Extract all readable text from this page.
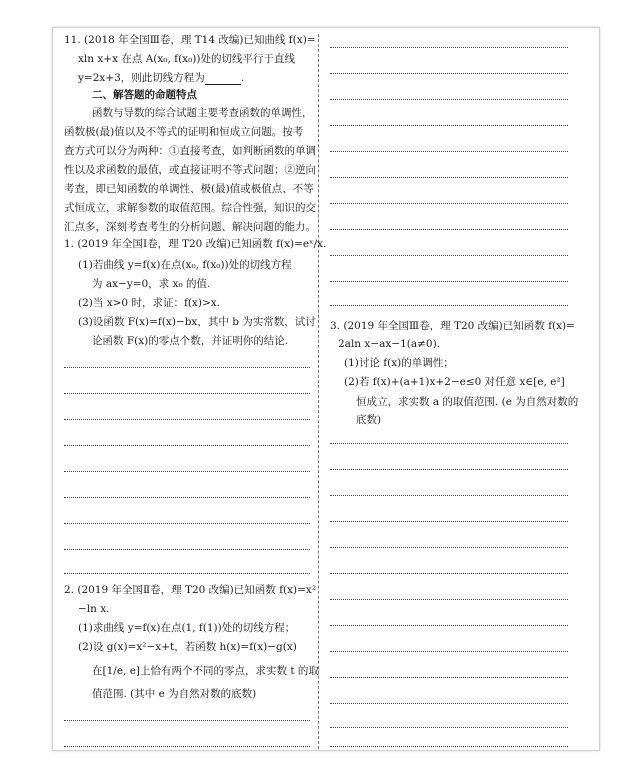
11. (2018 年全国Ⅲ卷，理 T14 改编)已知曲线 f(x)=
xln x+x 在点 A(x₀, f(x₀))处的切线平行于直线
y=2x+3，则此切线方程为	.
二、解答题的命题特点
函数与导数的综合试题主要考查函数的单调性，
函数极(最)值以及不等式的证明和恒成立问题。按考
查方式可以分为两种：①直接考查，如判断函数的单调
性以及求函数的最值，或直接证明不等式问题；②逆向
考查，即已知函数的单调性、极(最)值或极值点、不等
式恒成立，求解参数的取值范围。综合性强，知识的交
汇点多，深刻考查考生的分析问题、解决问题的能力。
1. (2019 年全国Ⅰ卷，理 T20 改编)已知函数 f(x)=eˣ/x.
(1)若曲线 y=f(x)在点(x₀, f(x₀))处的切线方程
为 ax−y=0，求 x₀ 的值.
(2)当 x>0 时，求证：f(x)>x.
(3)设函数 F(x)=f(x)−bx，其中 b 为实常数，试讨
论函数 F(x)的零点个数，并证明你的结论.
2. (2019 年全国Ⅱ卷，理 T20 改编)已知函数 f(x)=x²
−ln x.
(1)求曲线 y=f(x)在点(1, f(1))处的切线方程；
(2)设 g(x)=x²−x+t，若函数 h(x)=f(x)−g(x)
在[1/e, e]上恰有两个不同的零点，求实数 t 的取
值范围. (其中 e 为自然对数的底数)
3. (2019 年全国Ⅲ卷，理 T20 改编)已知函数 f(x)=
2aln x−ax−1(a≠0).
(1)讨论 f(x)的单调性；
(2)若 f(x)+(a+1)x+2−e≤0 对任意 x∈[e, e²]
恒成立，求实数 a 的取值范围. (e 为自然对数的
底数)
